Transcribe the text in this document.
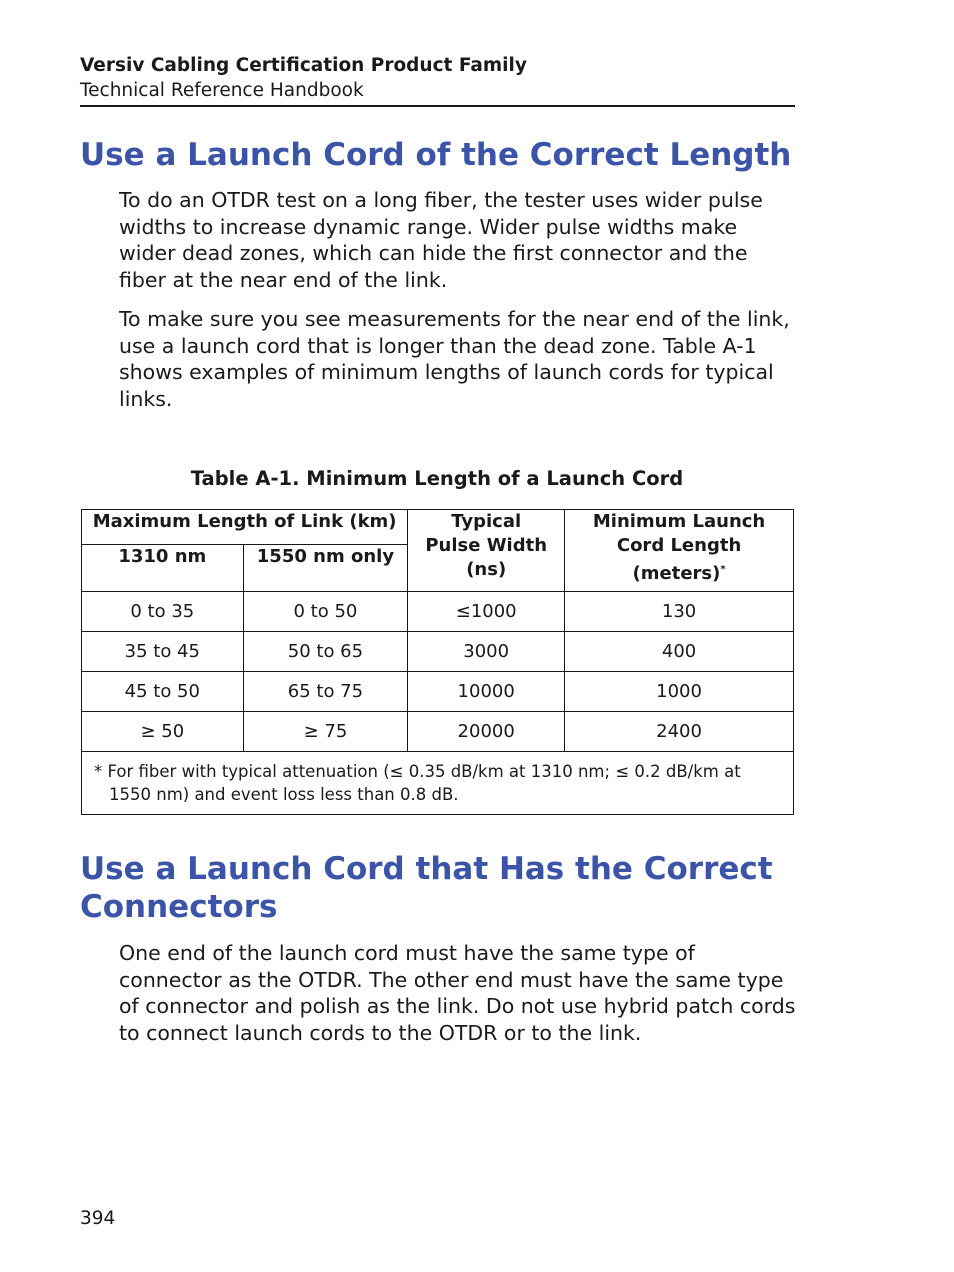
Versiv Cabling Certification Product Family
Technical Reference Handbook
Use a Launch Cord of the Correct Length

To do an OTDR test on a long fiber, the tester uses wider pulse widths to increase dynamic range. Wider pulse widths make wider dead zones, which can hide the first connector and the fiber at the near end of the link.

To make sure you see measurements for the near end of the link, use a launch cord that is longer than the dead zone. Table A-1 shows examples of minimum lengths of launch cords for typical links.

Table A-1. Minimum Length of a Launch Cord
Maximum Length of Link (km)		Typical Pulse Width (ns)	Minimum Launch Cord Length (meters)*

1310 nm	1550 nm only		
0 to 35	0 to 50	≤1000	130
35 to 45	50 to 65	3000	400
45 to 50	65 to 75	10000	1000
≥ 50	≥ 75	20000	2400

* For fiber with typical attenuation (≤ 0.35 dB/km at 1310 nm; ≤ 0.2 dB/km at 1550 nm) and event loss less than 0.8 dB.			
Use a Launch Cord that Has the Correct Connectors

One end of the launch cord must have the same type of connector as the OTDR. The other end must have the same type of connector and polish as the link. Do not use hybrid patch cords to connect launch cords to the OTDR or to the link.

394
